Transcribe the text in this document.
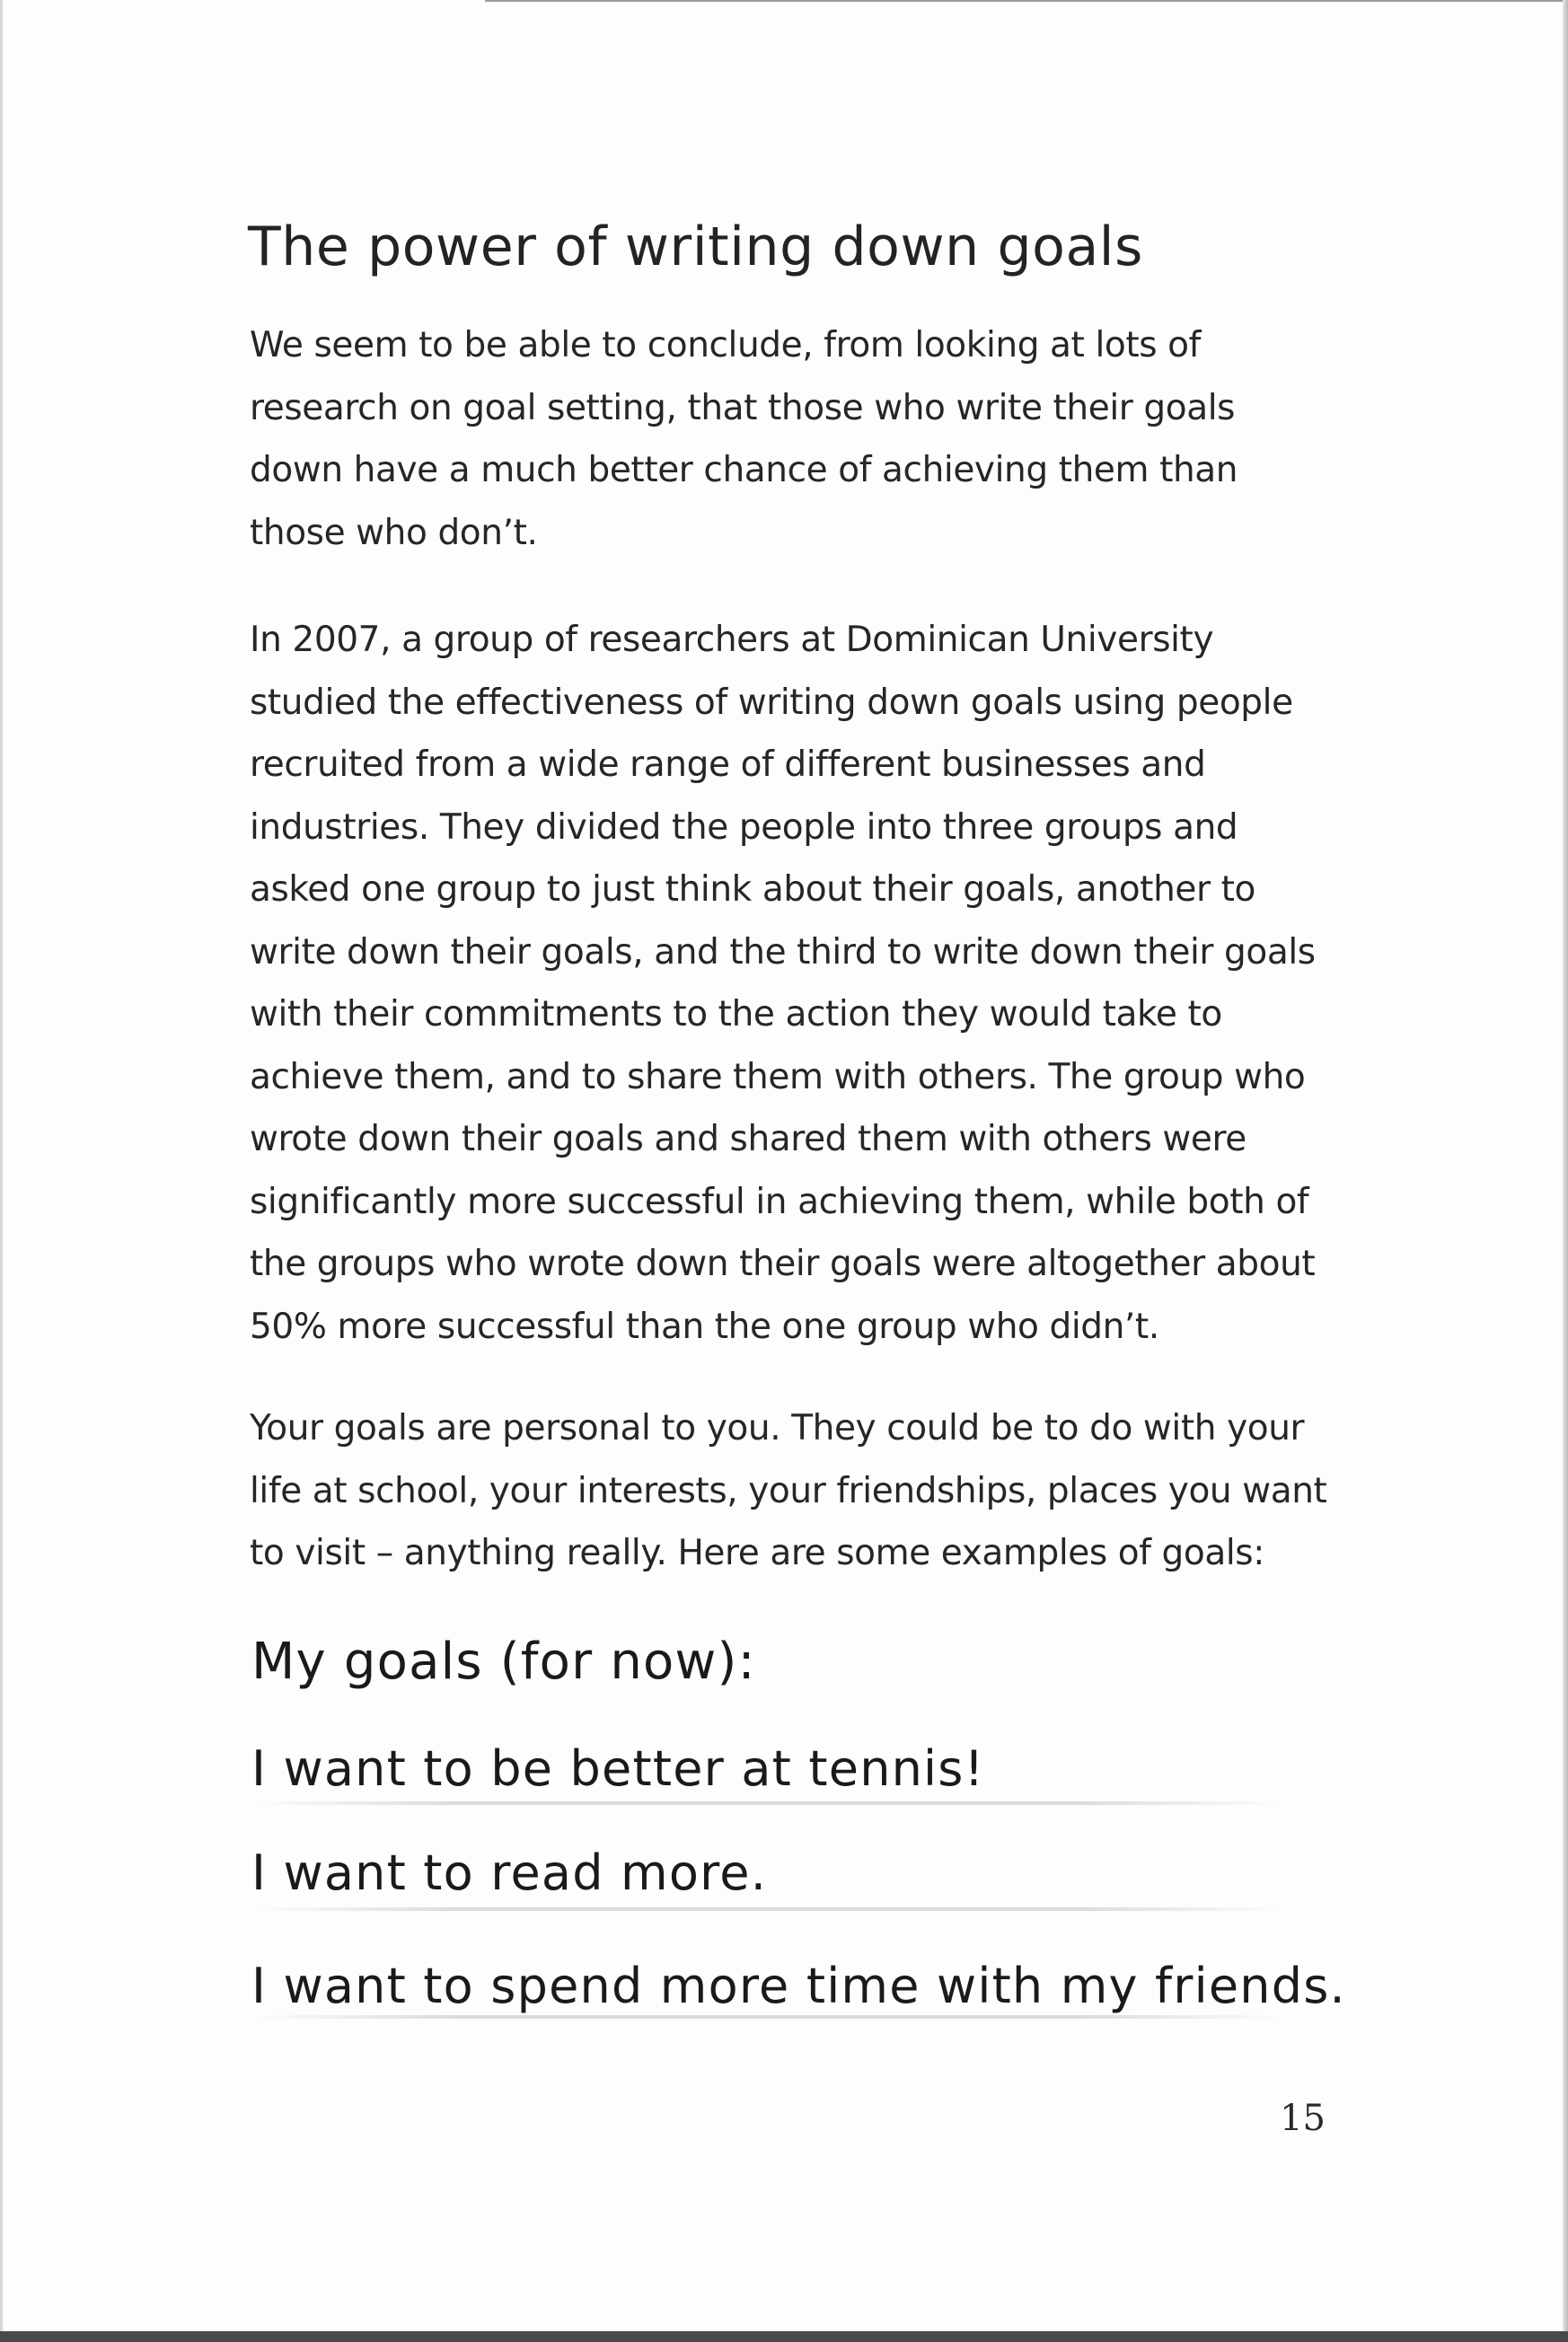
The power of writing down goals

We seem to be able to conclude, from looking at lots of
research on goal setting, that those who write their goals
down have a much better chance of achieving them than
those who don’t.

In 2007, a group of researchers at Dominican University
studied the effectiveness of writing down goals using people
recruited from a wide range of different businesses and
industries. They divided the people into three groups and
asked one group to just think about their goals, another to
write down their goals, and the third to write down their goals
with their commitments to the action they would take to
achieve them, and to share them with others. The group who
wrote down their goals and shared them with others were
significantly more successful in achieving them, while both of
the groups who wrote down their goals were altogether about
50% more successful than the one group who didn’t.

Your goals are personal to you. They could be to do with your
life at school, your interests, your friendships, places you want
to visit – anything really. Here are some examples of goals:

My goals (for now):
I want to be better at tennis!
I want to read more.
I want to spend more time with my friends.
15
